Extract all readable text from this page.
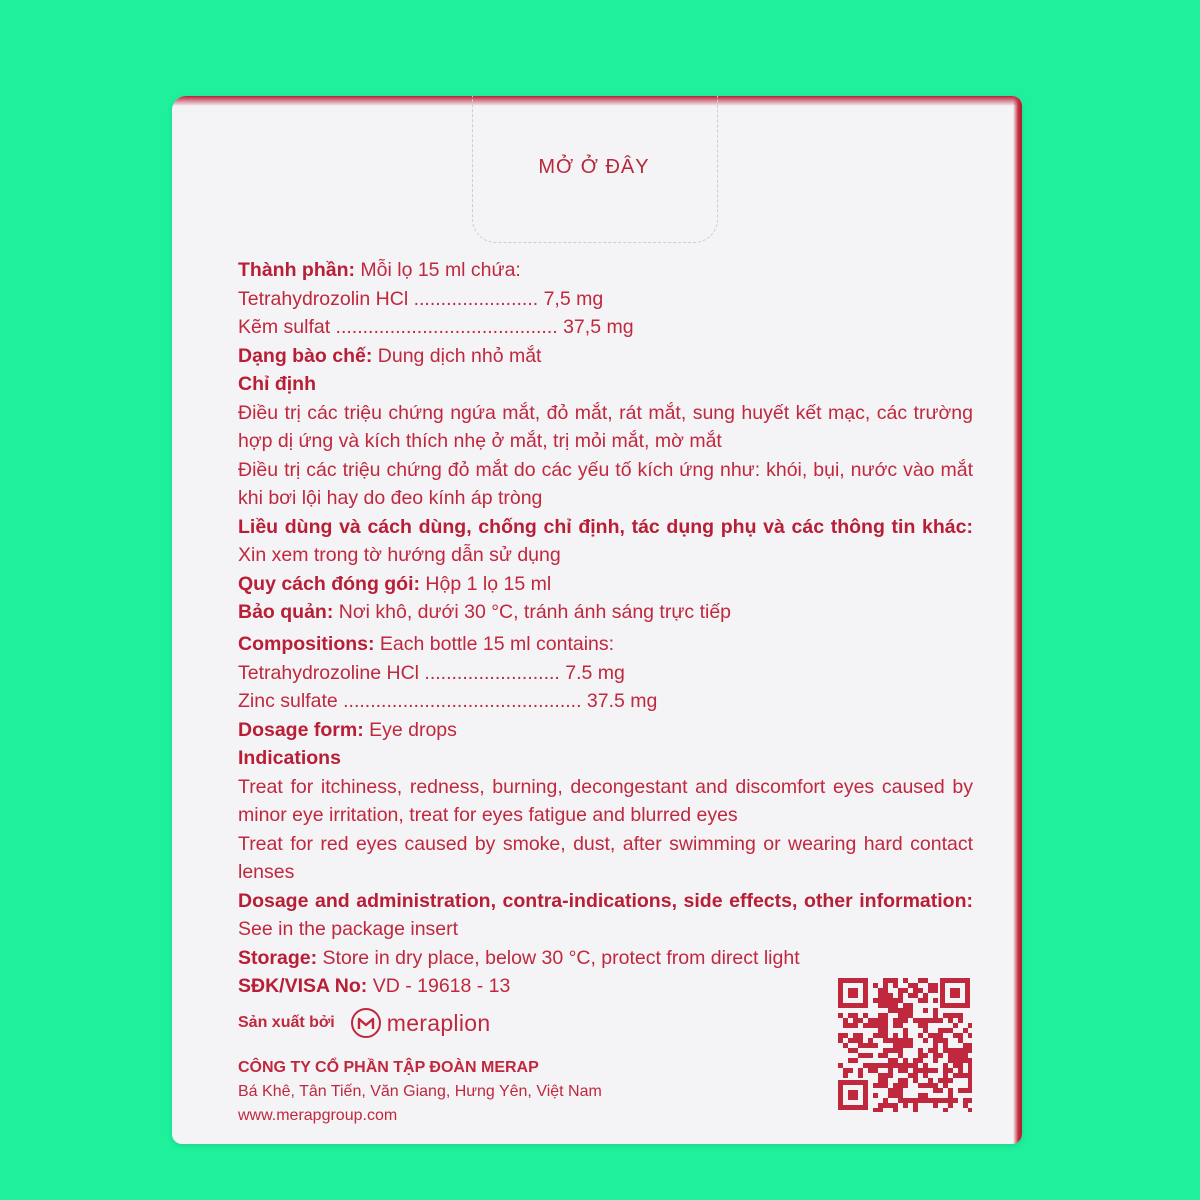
MỞ Ở ĐÂY

Thành phần: Mỗi lọ 15 ml chứa:

Tetrahydrozolin HCl ....................... 7,5 mg

Kẽm sulfat ......................................... 37,5 mg

Dạng bào chế: Dung dịch nhỏ mắt

Chỉ định

Điều trị các triệu chứng ngứa mắt, đỏ mắt, rát mắt, sung huyết kết mạc, các trường hợp dị ứng và kích thích nhẹ ở mắt, trị mỏi mắt, mờ mắt

Điều trị các triệu chứng đỏ mắt do các yếu tố kích ứng như: khói, bụi, nước vào mắt khi bơi lội hay do đeo kính áp tròng

Liều dùng và cách dùng, chống chỉ định, tác dụng phụ và các thông tin khác: Xin xem trong tờ hướng dẫn sử dụng

Quy cách đóng gói: Hộp 1 lọ 15 ml

Bảo quản: Nơi khô, dưới 30 °C, tránh ánh sáng trực tiếp

Compositions: Each bottle 15 ml contains:

Tetrahydrozoline HCl ......................... 7.5 mg

Zinc sulfate ............................................ 37.5 mg

Dosage form: Eye drops

Indications

Treat for itchiness, redness, burning, decongestant and discomfort eyes caused by minor eye irritation, treat for eyes fatigue and blurred eyes

Treat for red eyes caused by smoke, dust, after swimming or wearing hard contact lenses

Dosage and administration, contra-indications, side effects, other information: See in the package insert

Storage: Store in dry place, below 30 °C, protect from direct light

SĐK/VISA No: VD - 19618 - 13

Sản xuất bởi meraplion
CÔNG TY CỔ PHẦN TẬP ĐOÀN MERAP
Bá Khê, Tân Tiến, Văn Giang, Hưng Yên, Việt Nam
www.merapgroup.com
